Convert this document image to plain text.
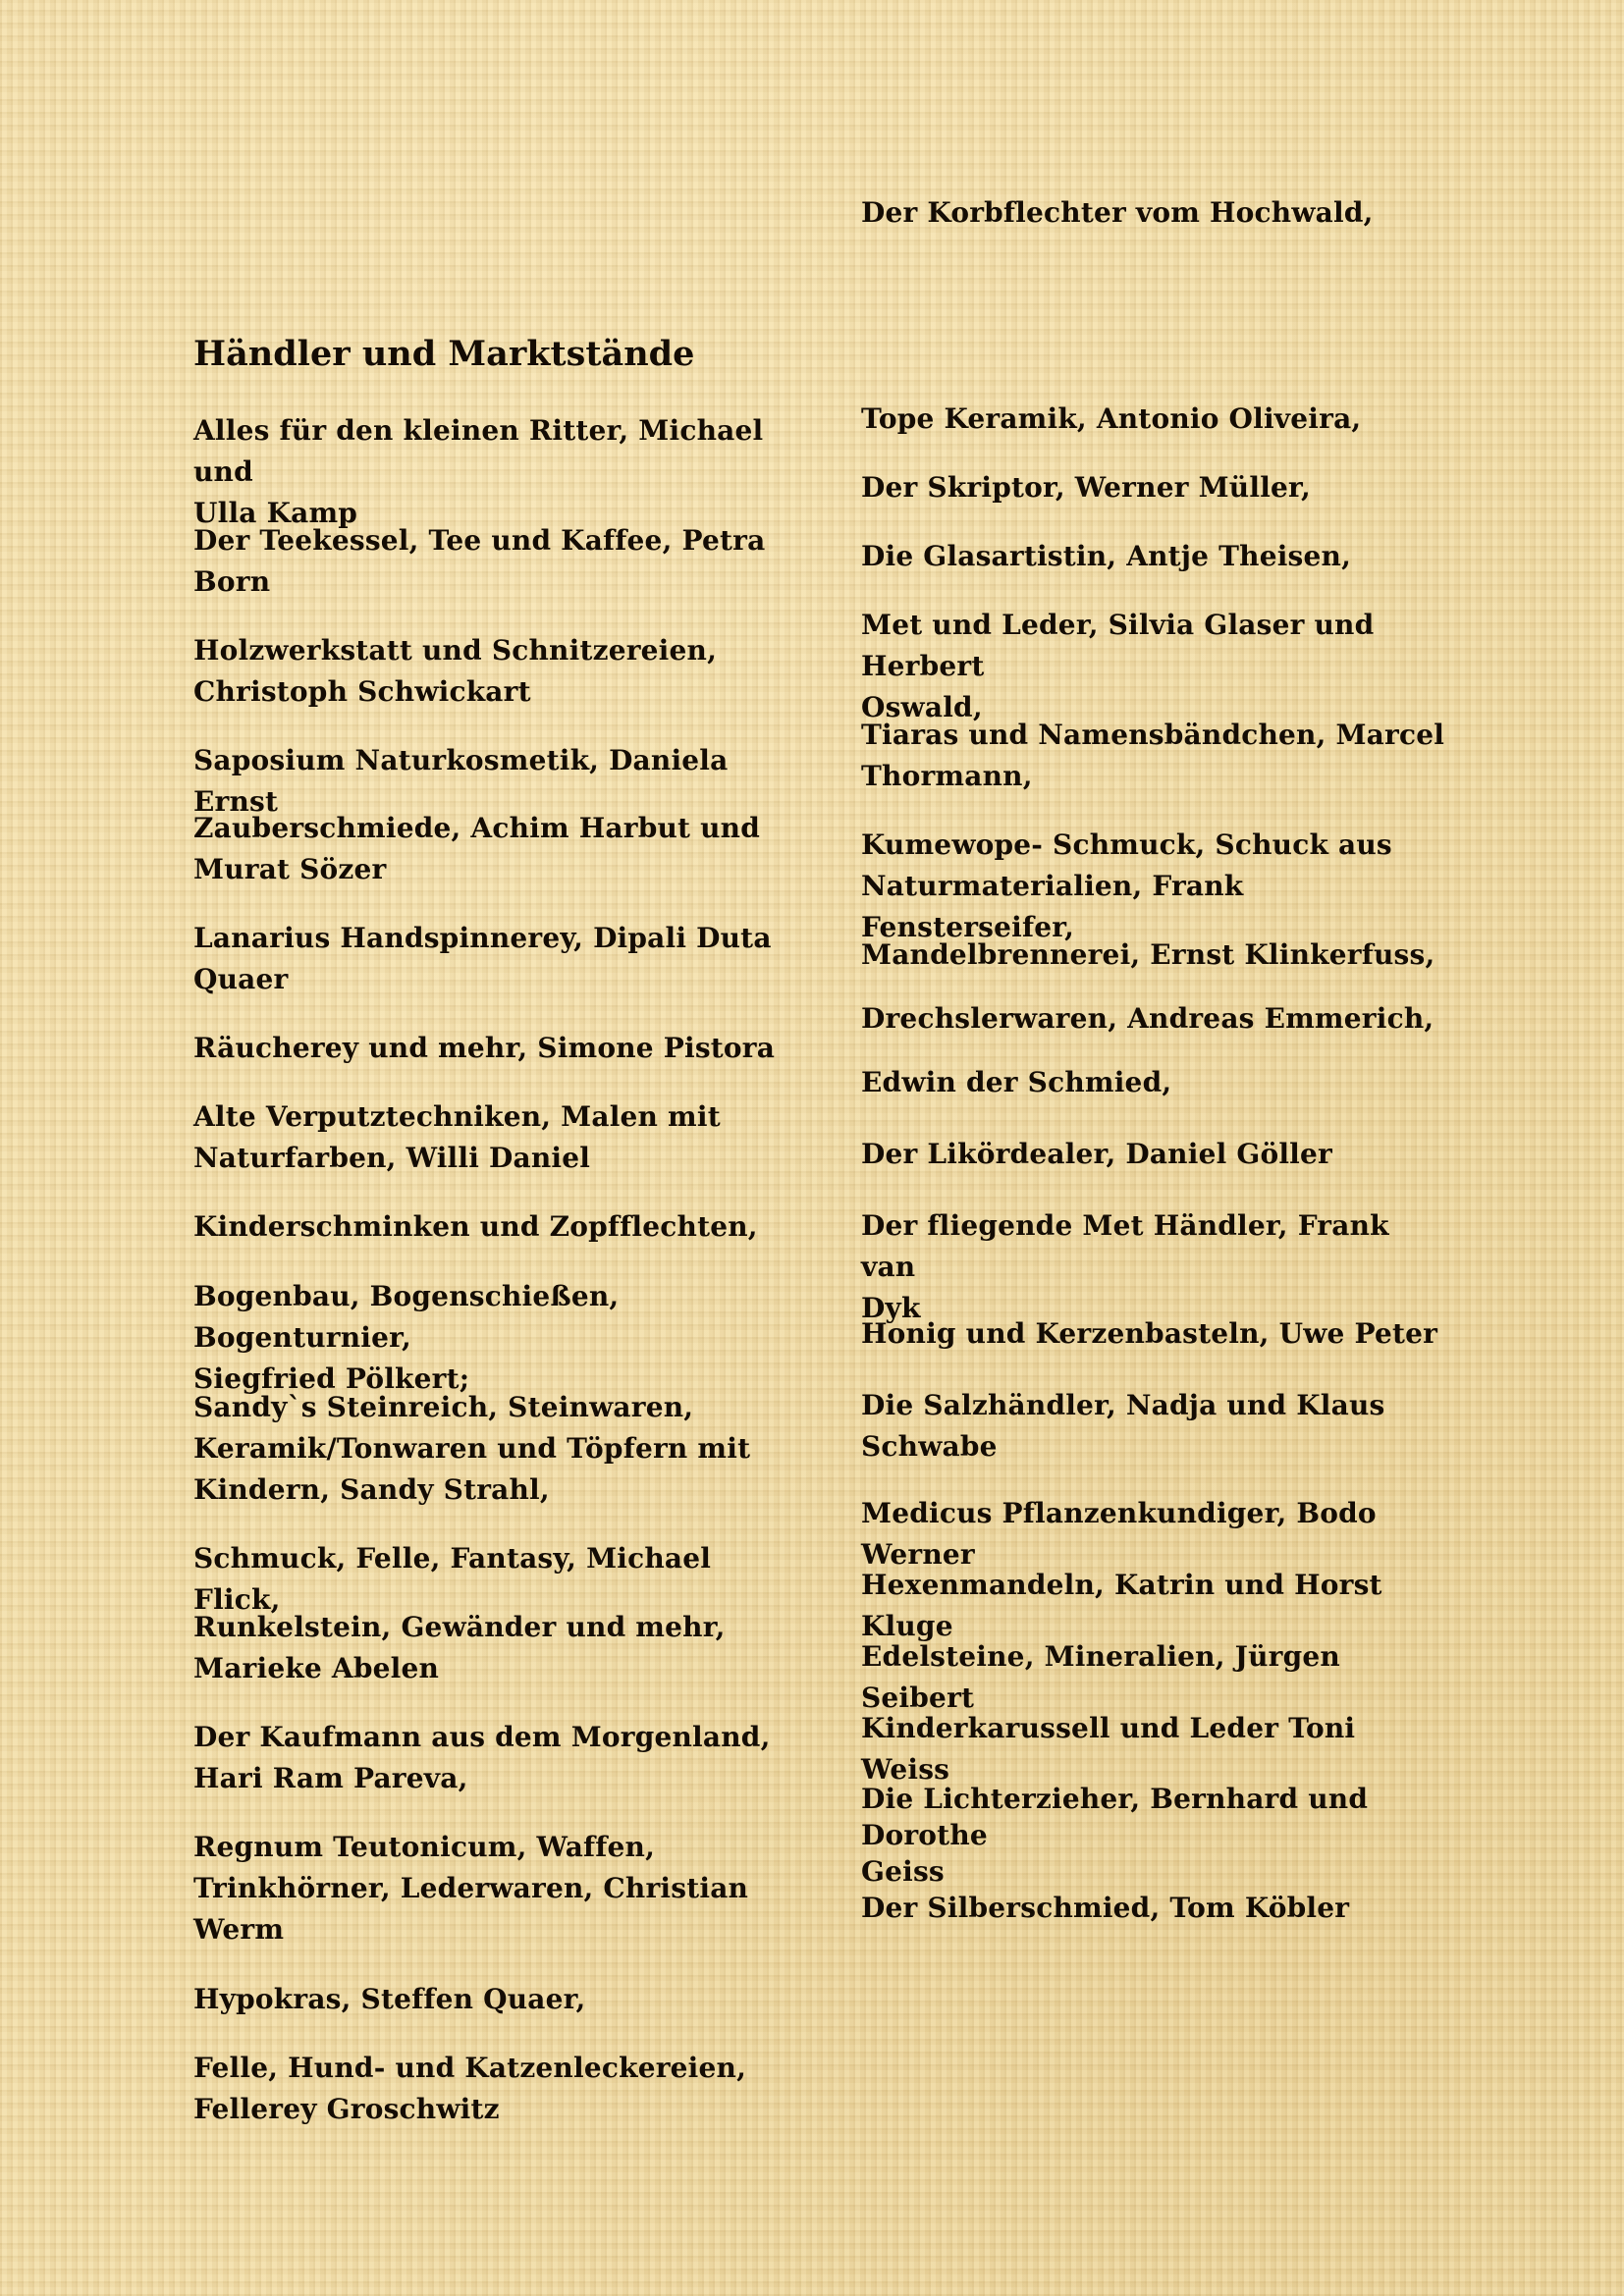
Händler und Marktstände

Alles für den kleinen Ritter, Michael und
Ulla Kamp

Der Teekessel, Tee und Kaffee, Petra
Born

Holzwerkstatt und Schnitzereien,
Christoph Schwickart

Saposium Naturkosmetik, Daniela Ernst

Zauberschmiede, Achim Harbut und
Murat Sözer

Lanarius Handspinnerey, Dipali Duta
Quaer

Räucherey und mehr, Simone Pistora

Alte Verputztechniken, Malen mit
Naturfarben, Willi Daniel

Kinderschminken und Zopfflechten,

Bogenbau, Bogenschießen, Bogenturnier,
Siegfried Pölkert;

Sandy`s Steinreich, Steinwaren,
Keramik/Tonwaren und Töpfern mit
Kindern, Sandy Strahl,

Schmuck, Felle, Fantasy, Michael Flick,

Runkelstein, Gewänder und mehr,
Marieke Abelen

Der Kaufmann aus dem Morgenland,
Hari Ram Pareva,

Regnum Teutonicum, Waffen,
Trinkhörner, Lederwaren, Christian
Werm

Hypokras, Steffen Quaer,

Felle, Hund- und Katzenleckereien,
Fellerey Groschwitz

Der Korbflechter vom Hochwald,

Tope Keramik, Antonio Oliveira,

Der Skriptor, Werner Müller,

Die Glasartistin, Antje Theisen,

Met und Leder, Silvia Glaser und Herbert
Oswald,

Tiaras und Namensbändchen, Marcel
Thormann,

Kumewope- Schmuck, Schuck aus
Naturmaterialien, Frank Fensterseifer,

Mandelbrennerei, Ernst Klinkerfuss,

Drechslerwaren, Andreas Emmerich,

Edwin der Schmied,

Der Likördealer, Daniel Göller

Der fliegende Met Händler, Frank van
Dyk

Honig und Kerzenbasteln, Uwe Peter

Die Salzhändler, Nadja und Klaus
Schwabe

Medicus Pflanzenkundiger, Bodo Werner

Hexenmandeln, Katrin und Horst Kluge

Edelsteine, Mineralien, Jürgen Seibert

Kinderkarussell und Leder Toni Weiss

Die Lichterzieher, Bernhard und Dorothe
Geiss
Der Silberschmied, Tom Köbler
